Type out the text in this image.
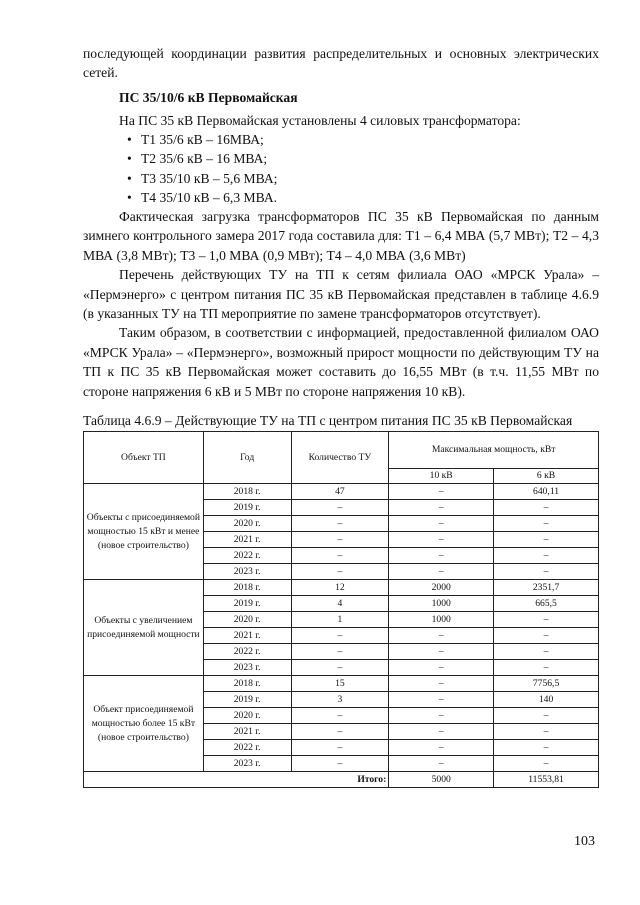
последующей координации развития распределительных и основных электрических сетей.

ПС 35/10/6 кВ Первомайская

На ПС 35 кВ Первомайская установлены 4 силовых трансформатора:

• Т1 35/6 кВ – 16МВА;
• Т2 35/6 кВ – 16 МВА;
• Т3 35/10 кВ – 5,6 МВА;
• Т4 35/10 кВ – 6,3 МВА.

Фактическая загрузка трансформаторов ПС 35 кВ Первомайская по данным зимнего контрольного замера 2017 года составила для: Т1 – 6,4 МВА (5,7 МВт); Т2 – 4,3 МВА (3,8 МВт); Т3 – 1,0 МВА (0,9 МВт); Т4 – 4,0 МВА (3,6 МВт)

Перечень действующих ТУ на ТП к сетям филиала ОАО «МРСК Урала» – «Пермэнерго» с центром питания ПС 35 кВ Первомайская представлен в таблице 4.6.9 (в указанных ТУ на ТП мероприятие по замене трансформаторов отсутствует).

Таким образом, в соответствии с информацией, предоставленной филиалом ОАО «МРСК Урала» – «Пермэнерго», возможный прирост мощности по действующим ТУ на ТП к ПС 35 кВ Первомайская может составить до 16,55 МВт (в т.ч. 11,55 МВт по стороне напряжения 6 кВ и 5 МВт по стороне напряжения 10 кВ).

Таблица 4.6.9 – Действующие ТУ на ТП с центром питания ПС 35 кВ Первомайская

Объект ТП	Год	Количество ТУ	Максимальная мощность, кВт	
			10 кВ	6 кВ
Объекты с присоединяемой мощностью 15 кВт и менее (новое строительство)	2018 г.	47	–	640,11
	2019 г.	–	–	–
	2020 г.	–	–	–
	2021 г.	–	–	–
	2022 г.	–	–	–
	2023 г.	–	–	–
Объекты с увеличением присоединяемой мощности	2018 г.	12	2000	2351,7
	2019 г.	4	1000	665,5
	2020 г.	1	1000	–
	2021 г.	–	–	–
	2022 г.	–	–	–
	2023 г.	–	–	–
Объект присоединяемой мощностью более 15 кВт (новое строительство)	2018 г.	15	–	7756,5
	2019 г.	3	–	140
	2020 г.	–	–	–
	2021 г.	–	–	–
	2022 г.	–	–	–
	2023 г.	–	–	–
Итого:			5000	11553,81
103
